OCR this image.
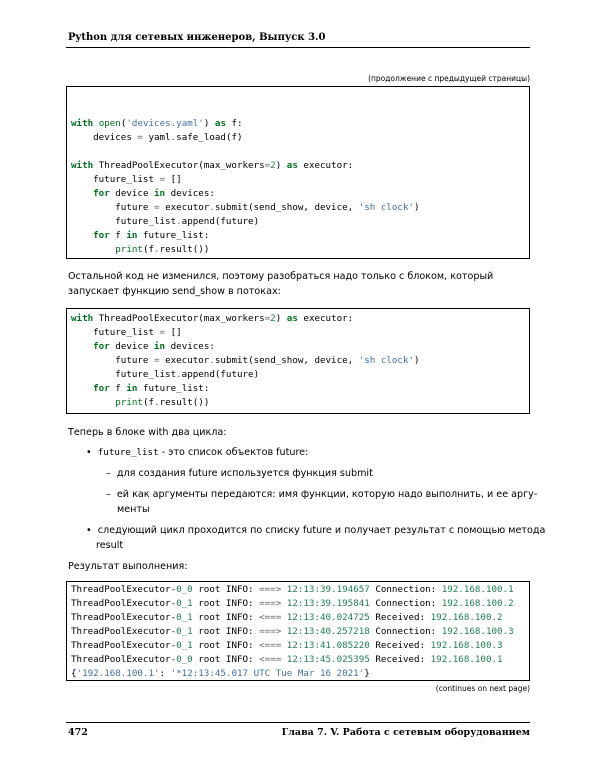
Python для сетевых инженеров, Выпуск 3.0
(продолжение с предыдущей страницы)
with open('devices.yaml') as f:
devices = yaml.safe_load(f)
with ThreadPoolExecutor(max_workers=2) as executor:
future_list = []
for device in devices:
future = executor.submit(send_show, device, 'sh clock')
future_list.append(future)
for f in future_list:
print(f.result())
Остальной код не изменился, поэтому разобраться надо только с блоком, который запускает функцию send_show в потоках:
with ThreadPoolExecutor(max_workers=2) as executor:
future_list = []
for device in devices:
future = executor.submit(send_show, device, 'sh clock')
future_list.append(future)
for f in future_list:
print(f.result())
Теперь в блоке with два цикла:
•  future_list - это список объектов future:
–  для создания future используется функция submit
–  ей как аргументы передаются: имя функции, которую надо выполнить, и ее аргу-
менты
•  следующий цикл проходится по списку future и получает результат с помощью метода
result
Результат выполнения:
ThreadPoolExecutor-0_0 root INFO: ===> 12:13:39.194657 Connection: 192.168.100.1
ThreadPoolExecutor-0_1 root INFO: ===> 12:13:39.195841 Connection: 192.168.100.2
ThreadPoolExecutor-0_1 root INFO: <=== 12:13:40.024725 Received: 192.168.100.2
ThreadPoolExecutor-0_1 root INFO: ===> 12:13:40.257218 Connection: 192.168.100.3
ThreadPoolExecutor-0_1 root INFO: <=== 12:13:41.085220 Received: 192.168.100.3
ThreadPoolExecutor-0_0 root INFO: <=== 12:13:45.025395 Received: 192.168.100.1
{'192.168.100.1': '*12:13:45.017 UTC Tue Mar 16 2021'}
(continues on next page)
472	Глава 7. V. Работа с сетевым оборудованием
